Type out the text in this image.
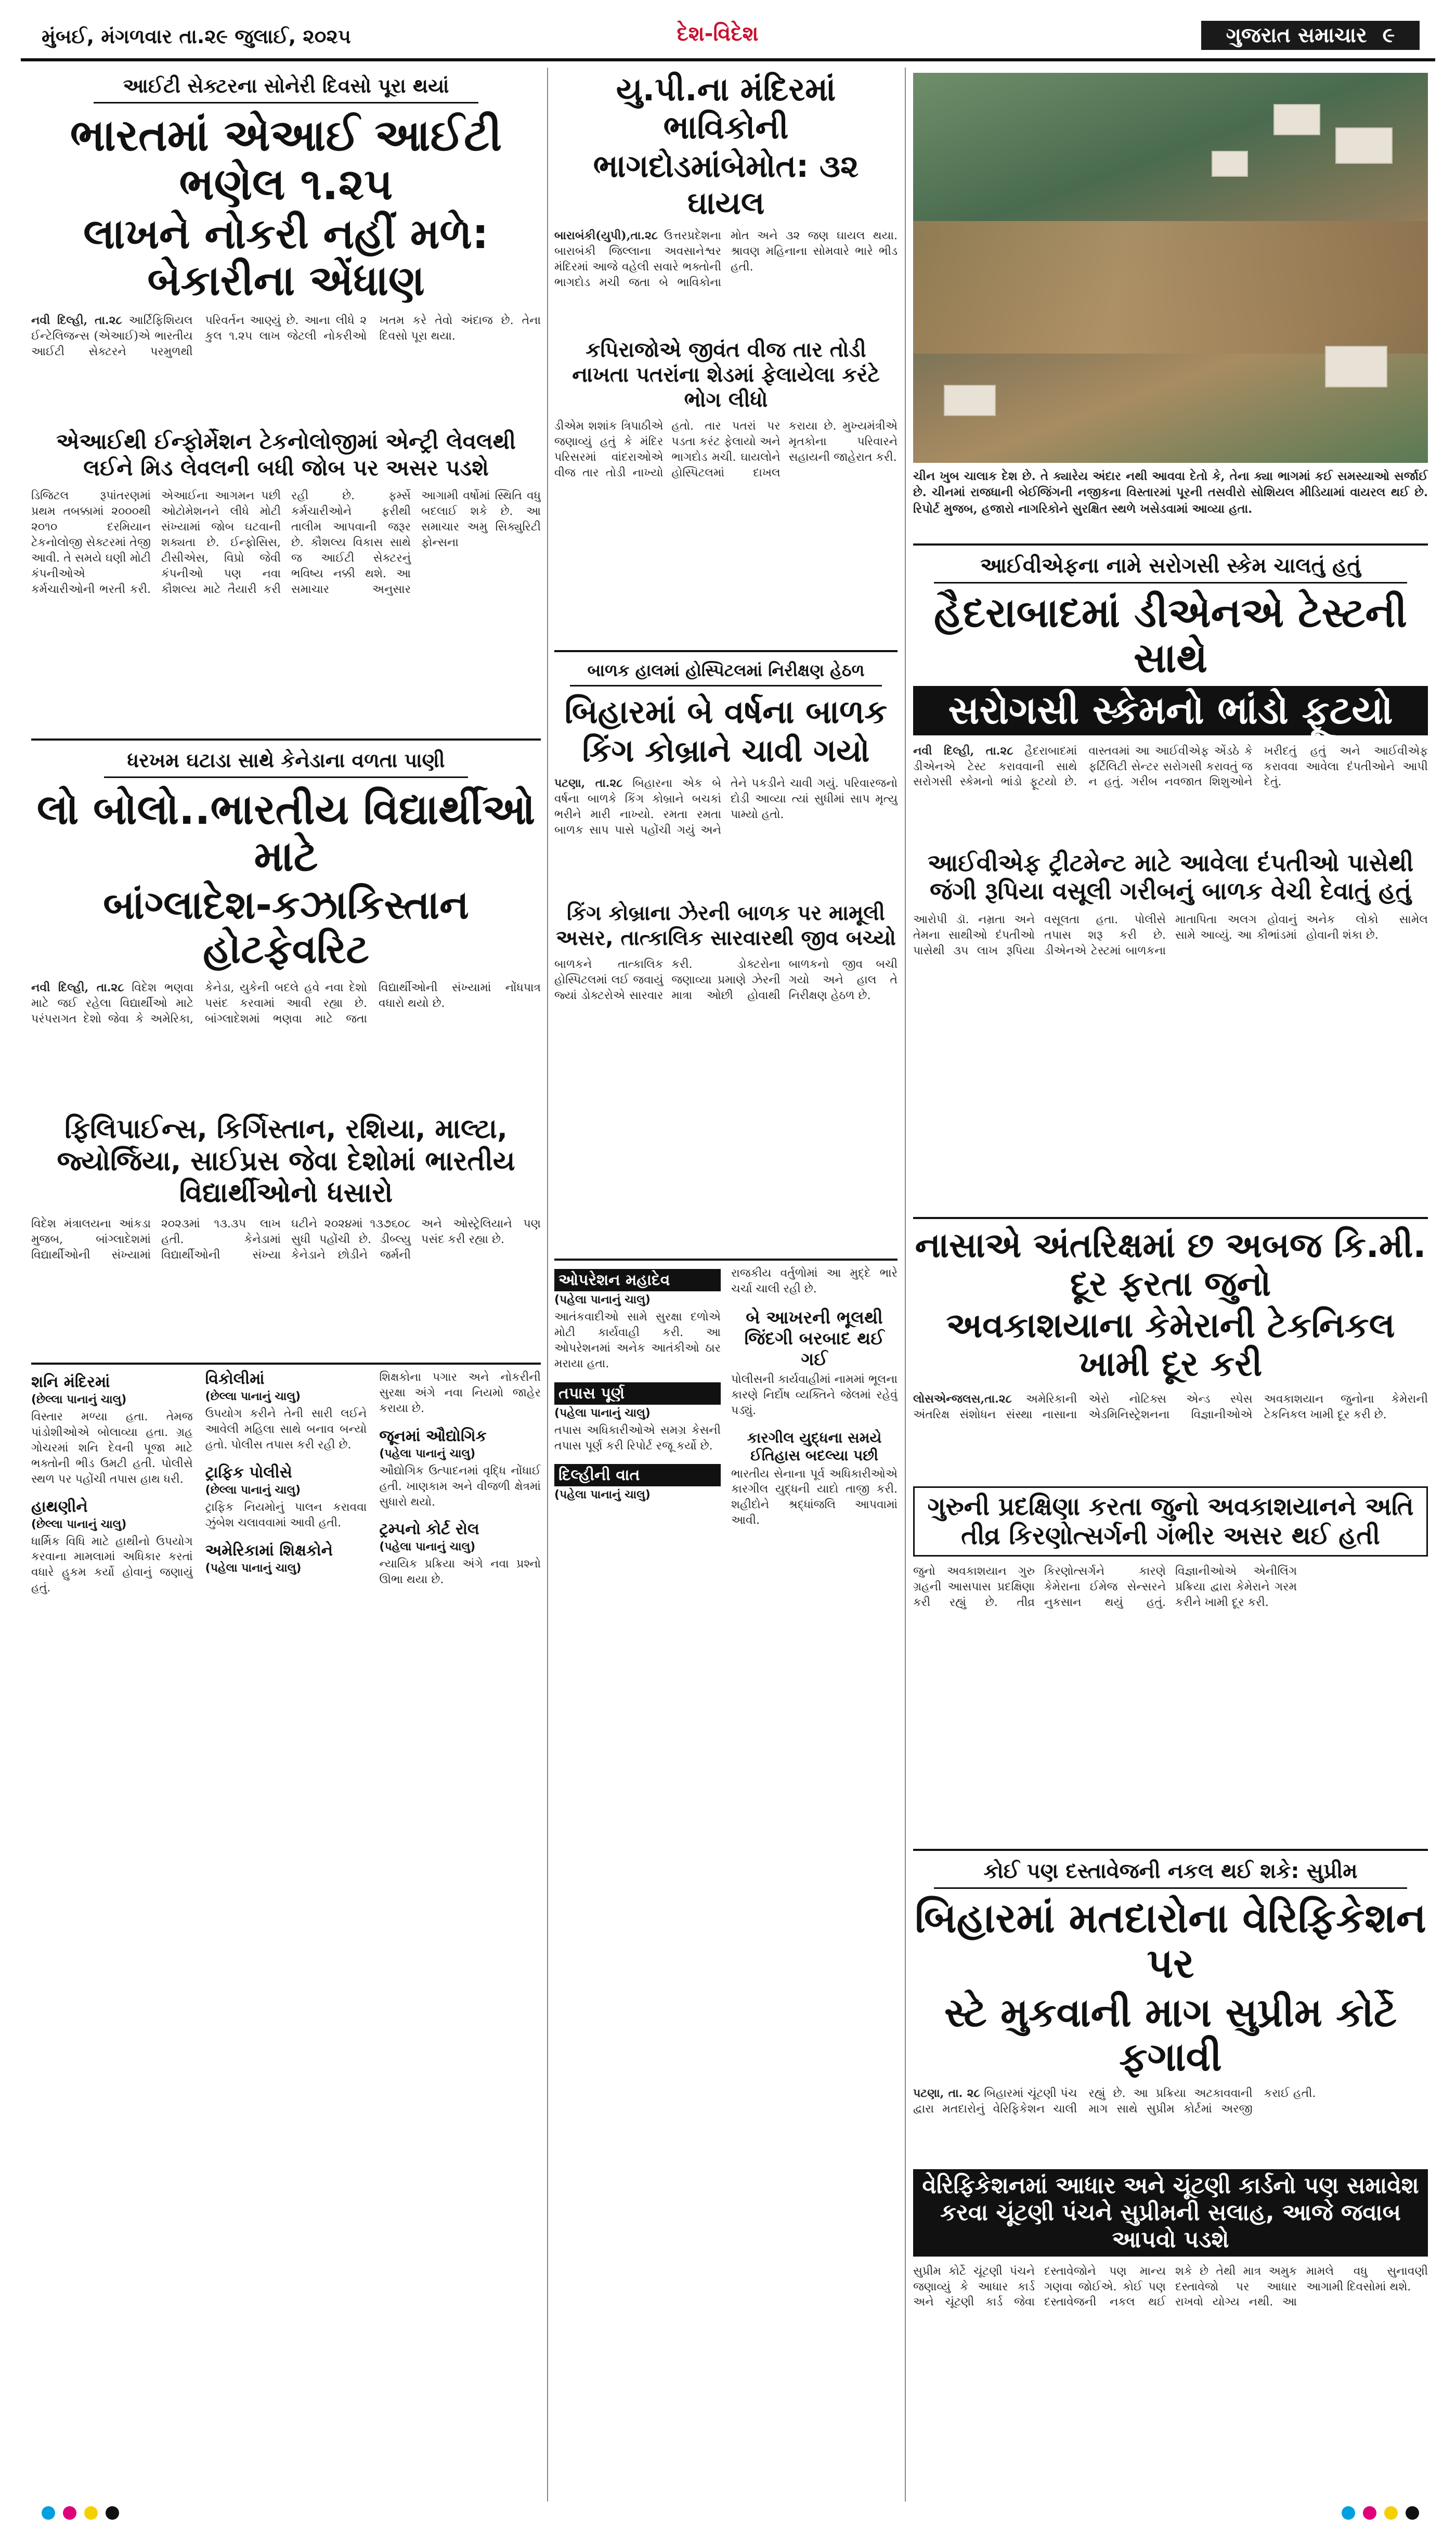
મુંબઈ, મંગળવાર તા.૨૯ જુલાઈ, ૨૦૨૫	દેશ-વિદેશ	ગુજરાત સમાચાર ૯
આઈટી સેક્ટરના સોનેરી દિવસો પૂરા થયાં
ભારતમાં એઆઈ આઈટી ભણેલ ૧.૨૫
લાખને નોકરી નહીં મળે: બેકારીના એંધાણ
નવી દિલ્હી, તા.૨૮ આર્ટિફિશિયલ ઈન્ટેલિજન્સ (એઆઈ)એ ભારતીય આઈટી સેક્ટરને પરમુળથી પરિવર્તન આણ્યું છે. આના લીધે ૨ કુલ ૧.૨૫ લાખ જેટલી નોકરીઓ ખતમ કરે તેવો અંદાજ છે. તેના દિવસો પૂરા થયા.
એઆઈથી ઈન્ફોર્મેશન ટેકનોલોજીમાં એન્ટ્રી લેવલથી લઈને મિડ લેવલની બધી જોબ પર અસર પડશે
ડિજિટલ રૂપાંતરણમાં પ્રથમ તબક્કામાં ૨૦૦૦થી ૨૦૧૦ દરમિયાન ટેકનોલોજી સેક્ટરમાં તેજી આવી. તે સમયે ઘણી મોટી કંપનીઓએ કર્મચારીઓની ભરતી કરી. એઆઈના આગમન પછી ઓટોમેશનને લીધે મોટી સંખ્યામાં જોબ ઘટવાની શક્યતા છે. ઈન્ફોસિસ, ટીસીએસ, વિપ્રો જેવી કંપનીઓ પણ નવા કૌશલ્ય માટે તૈયારી કરી રહી છે.	ફર્મ્સે કર્મચારીઓને ફરીથી તાલીમ આપવાની જરૂર છે. કૌશલ્ય વિકાસ સાથે જ આઈટી સેક્ટરનું ભવિષ્ય નક્કી થશે. આ સમાચાર અનુસાર આગામી વર્ષોમાં સ્થિતિ વધુ બદલાઈ શકે છે. આ સમાચાર અમુ સિક્યુરિટી ફોન્સના
ધરખમ ઘટાડા સાથે કેનેડાના વળતા પાણી
લો બોલો..ભારતીય વિદ્યાર્થીઓ માટે
બાંગ્લાદેશ-કઝાકિસ્તાન હોટફેવરિટ
નવી દિલ્હી, તા.૨૮ વિદેશ ભણવા માટે જઈ રહેલા વિદ્યાર્થીઓ માટે પરંપરાગત દેશો જેવા કે અમેરિકા, કેનેડા, યુકેની બદલે હવે નવા દેશો પસંદ કરવામાં આવી રહ્યા છે. બાંગ્લાદેશમાં ભણવા માટે જતા વિદ્યાર્થીઓની સંખ્યામાં નોંધપાત્ર વધારો થયો છે.
ફિલિપાઈન્સ, કિર્ગિસ્તાન, રશિયા, માલ્ટા, જ્યોર્જિયા, સાઈપ્રસ જેવા દેશોમાં ભારતીય વિદ્યાર્થીઓનો ધસારો
વિદેશ મંત્રાલયના આંકડા મુજબ, બાંગ્લાદેશમાં વિદ્યાર્થીઓની સંખ્યામાં ૨૦૨૩માં ૧૩.૩૫ લાખ હતી. કેનેડામાં વિદ્યાર્થીઓની સંખ્યા ઘટીને ૨૦૨૪માં ૧૩૭૬૦૮ સુધી પહોંચી છે. ડીબ્લ્યુ કેનેડાને છોડીને જર્મની અને ઓસ્ટ્રેલિયાને પણ પસંદ કરી રહ્યા છે.
શનિ મંદિરમાં
(છેલ્લા પાનાનું ચાલુ)
વિસ્તાર મળ્યા હતા. તેમજ પાંડોશીઓએ બોલાવ્યા હતા. ગ્રહ ગોચરમાં શનિ દેવની પૂજા માટે ભક્તોની ભીડ ઉમટી હતી. પોલીસે સ્થળ પર પહોંચી તપાસ હાથ ધરી.
હાથણીને
(છેલ્લા પાનાનું ચાલુ)
ધાર્મિક વિધિ માટે હાથીનો ઉપયોગ કરવાના મામલામાં અધિકાર કરતાં વધારે હુકમ કર્યો હોવાનું જણાયું હતું.
વિકોલીમાં
(છેલ્લા પાનાનું ચાલુ)
ઉપયોગ કરીને તેની સારી લઈને આવેલી મહિલા સાથે બનાવ બન્યો હતો. પોલીસ તપાસ કરી રહી છે.
ટ્રાફિક પોલીસે
(છેલ્લા પાનાનું ચાલુ)
ટ્રાફિક નિયમોનું પાલન કરાવવા ઝુંબેશ ચલાવવામાં આવી હતી.
અમેરિકામાં શિક્ષકોને
(પહેલા પાનાનું ચાલુ)
શિક્ષકોના પગાર અને નોકરીની સુરક્ષા અંગે નવા નિયમો જાહેર કરાયા છે.
જૂનમાં ઔદ્યોગિક
(પહેલા પાનાનું ચાલુ)
ઔદ્યોગિક ઉત્પાદનમાં વૃદ્ધિ નોંધાઈ હતી. ખાણકામ અને વીજળી ક્ષેત્રમાં સુધારો થયો.
ટ્રમ્પનો કોર્ટ રોલ
(પહેલા પાનાનું ચાલુ)
ન્યાયિક પ્રક્રિયા અંગે નવા પ્રશ્નો ઊભા થયા છે.
યુ.પી.ના મંદિરમાં ભાવિકોની
ભાગદોડમાંબેમોત: ૩૨ ઘાયલ
બારાબંકી(યુપી),તા.૨૮ ઉત્તરપ્રદેશના બારાબંકી જિલ્લાના અવસાનેશ્વર મંદિરમાં આજે વહેલી સવારે ભક્તોની ભાગદોડ મચી જતા બે ભાવિકોના મોત અને ૩૨ જણ ઘાયલ થયા. શ્રાવણ મહિનાના સોમવારે ભારે ભીડ હતી.
કપિરાજોએ જીવંત વીજ તાર તોડી નાખતા પતરાંના શેડમાં ફેલાયેલા કરંટે ભોગ લીધો
ડીએમ શશાંક ત્રિપાઠીએ જણાવ્યું હતું કે મંદિર પરિસરમાં વાંદરાઓએ વીજ તાર તોડી નાખ્યો હતો. તાર પતરાં પર પડતા કરંટ ફેલાયો અને ભાગદોડ મચી. ઘાયલોને હોસ્પિટલમાં દાખલ કરાયા છે. મુખ્યમંત્રીએ મૃતકોના પરિવારને સહાયની જાહેરાત કરી.
બાળક હાલમાં હોસ્પિટલમાં નિરીક્ષણ હેઠળ
બિહારમાં બે વર્ષના બાળક
કિંગ કોબ્રાને ચાવી ગયો
પટણા, તા.૨૮ બિહારના એક બે વર્ષના બાળકે કિંગ કોબ્રાને બચકાં ભરીને મારી નાખ્યો. રમતા રમતા બાળક સાપ પાસે પહોંચી ગયું અને તેને પકડીને ચાવી ગયું. પરિવારજનો દોડી આવ્યા ત્યાં સુધીમાં સાપ મૃત્યુ પામ્યો હતો.
કિંગ કોબ્રાના ઝેરની બાળક પર મામૂલી અસર, તાત્કાલિક સારવારથી જીવ બચ્યો
બાળકને તાત્કાલિક હોસ્પિટલમાં લઈ જવાયું જ્યાં ડોક્ટરોએ સારવાર કરી. ડોક્ટરોના જણાવ્યા પ્રમાણે ઝેરની માત્રા ઓછી હોવાથી બાળકનો જીવ બચી ગયો અને હાલ તે નિરીક્ષણ હેઠળ છે.
ઓપરેશન મહાદેવ
(પહેલા પાનાનું ચાલુ)
આતંકવાદીઓ સામે સુરક્ષા દળોએ મોટી કાર્યવાહી કરી. આ ઓપરેશનમાં અનેક આતંકીઓ ઠાર મરાયા હતા.
તપાસ પૂર્ણ
(પહેલા પાનાનું ચાલુ)
તપાસ અધિકારીઓએ સમગ્ર કેસની તપાસ પૂર્ણ કરી રિપોર્ટ રજૂ કર્યો છે.
દિલ્હીની વાત
(પહેલા પાનાનું ચાલુ)
રાજકીય વર્તુળોમાં આ મુદ્દે ભારે ચર્ચા ચાલી રહી છે.
બે આખરની ભૂલથી જિંદગી બરબાદ થઈ ગઈ
પોલીસની કાર્યવાહીમાં નામમાં ભૂલના કારણે નિર્દોષ વ્યક્તિને જેલમાં રહેવું પડ્યું.
કારગીલ યુદ્ધના સમયે ઈતિહાસ બદલ્યા પછી
ભારતીય સેનાના પૂર્વ અધિકારીઓએ કારગીલ યુદ્ધની યાદો તાજી કરી. શહીદોને શ્રદ્ધાંજલિ આપવામાં આવી.
ચીન ખુબ ચાલાક દેશ છે. તે ક્યારેય અંદાર નથી આવવા દેતો કે, તેના ક્યા ભાગમાં કઈ સમસ્યાઓ સર્જાઈ છે. ચીનમાં રાજધાની બેઈજિંગની નજીકના વિસ્તારમાં પૂરની તસવીરો સોશિયલ મીડિયામાં વાયરલ થઈ છે. રિપોર્ટ મુજબ, હજારો નાગરિકોને સુરક્ષિત સ્થળે ખસેડવામાં આવ્યા હતા.
આઈવીએફના નામે સરોગસી સ્કેમ ચાલતું હતું
હૈદરાબાદમાં ડીએનએ ટેસ્ટની સાથે
સરોગસી સ્કેમનો ભાંડો ફૂટયો
નવી દિલ્હી, તા.૨૮ હૈદરાબાદમાં ડીએનએ ટેસ્ટ કરાવવાની સાથે સરોગસી સ્કેમનો ભાંડો ફૂટયો છે. વાસ્તવમાં આ આઈવીએફ એંડઠે કે ફર્ટિલિટી સેન્ટર સરોગસી કરાવતું જ ન હતું. ગરીબ નવજાત શિશુઓને ખરીદતું હતું અને આઈવીએફ કરાવવા આવેલા દંપતીઓને આપી દેતું.
આઈવીએફ ટ્રીટમેન્ટ માટે આવેલા દંપતીઓ પાસેથી જંગી રૂપિયા વસૂલી ગરીબનું બાળક વેચી દેવાતું હતું
આરોપી ડૉ. નમ્રતા અને તેમના સાથીઓ દંપતીઓ પાસેથી ૩૫ લાખ રૂપિયા વસૂલતા હતા. પોલીસે તપાસ શરૂ કરી છે. ડીએનએ ટેસ્ટમાં બાળકના માતાપિતા અલગ હોવાનું સામે આવ્યું. આ કૌભાંડમાં અનેક લોકો સામેલ હોવાની શંકા છે.
નાસાએ અંતરિક્ષમાં છ અબજ કિ.મી. દૂર ફરતા જુનો
અવકાશયાના કેમેરાની ટેકનિકલ ખામી દૂર કરી
લોસએન્જલસ,તા.૨૮ અમેરિકાની અંતરિક્ષ સંશોધન સંસ્થા નાસાના એરો નોટિક્સ એન્ડ સ્પેસ એડમિનિસ્ટ્રેશનના વિજ્ઞાનીઓએ અવકાશયાન જુનોના કેમેરાની ટેકનિકલ ખામી દૂર કરી છે.
ગુરુની પ્રદક્ષિણા કરતા જુનો અવકાશયાનને અતિ તીવ્ર કિરણોત્સર્ગની ગંભીર અસર થઈ હતી
જુનો અવકાશયાન ગુરુ ગ્રહની આસપાસ પ્રદક્ષિણા કરી રહ્યું છે. તીવ્ર કિરણોત્સર્ગને કારણે કેમેરાના ઈમેજ સેન્સરને નુકસાન થયું હતું. વિજ્ઞાનીઓએ એનીલિંગ પ્રક્રિયા દ્વારા કેમેરાને ગરમ કરીને ખામી દૂર કરી.
કોઈ પણ દસ્તાવેજની નકલ થઈ શકે: સુપ્રીમ
બિહારમાં મતદારોના વેરિફિકેશન પર
સ્ટે મુકવાની માગ સુપ્રીમ કોર્ટે ફગાવી
પટણા, તા. ૨૮ બિહારમાં ચૂંટણી પંચ દ્વારા મતદારોનું વેરિફિકેશન ચાલી રહ્યું છે. આ પ્રક્રિયા અટકાવવાની માગ સાથે સુપ્રીમ કોર્ટમાં અરજી કરાઈ હતી.
વેરિફિકેશનમાં આધાર અને ચૂંટણી કાર્ડનો પણ સમાવેશ કરવા ચૂંટણી પંચને સુપ્રીમની સલાહ, આજે જવાબ આપવો પડશે
સુપ્રીમ કોર્ટે ચૂંટણી પંચને જણાવ્યું કે આધાર કાર્ડ અને ચૂંટણી કાર્ડ જેવા દસ્તાવેજોને પણ માન્ય ગણવા જોઈએ. કોઈ પણ દસ્તાવેજની નકલ થઈ શકે છે તેથી માત્ર અમુક દસ્તાવેજો પર આધાર રાખવો યોગ્ય નથી. આ મામલે વધુ સુનાવણી આગામી દિવસોમાં થશે.
